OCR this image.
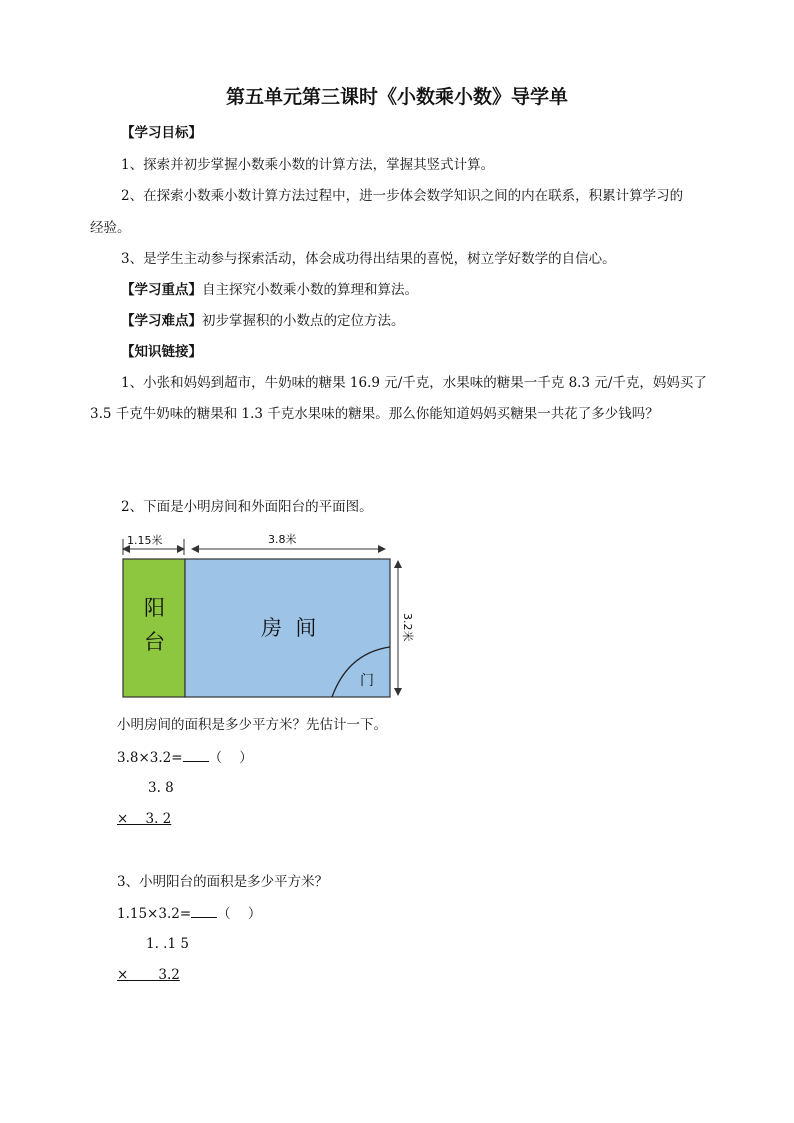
第五单元第三课时《小数乘小数》导学单
【学习目标】
1、探索并初步掌握小数乘小数的计算方法，掌握其竖式计算。
2、在探索小数乘小数计算方法过程中，进一步体会数学知识之间的内在联系，积累计算学习的
经验。
3、是学生主动参与探索活动，体会成功得出结果的喜悦，树立学好数学的自信心。
【学习重点】自主探究小数乘小数的算理和算法。
【学习难点】初步掌握积的小数点的定位方法。
【知识链接】
1、小张和妈妈到超市，牛奶味的糖果 16.9 元/千克，水果味的糖果一千克 8.3 元/千克，妈妈买了
3.5 千克牛奶味的糖果和 1.3 千克水果味的糖果。那么你能知道妈妈买糖果一共花了多少钱吗？
2、下面是小明房间和外面阳台的平面图。
1.15米	3.8米
3.2米
阳
台
房  间
门
小明房间的面积是多少平方米？先估计一下。
3.8×3.2= （    ）
3. 8
×    3. 2
3、小明阳台的面积是多少平方米？
1.15×3.2= （    ）
1. .1 5
×       3.2
